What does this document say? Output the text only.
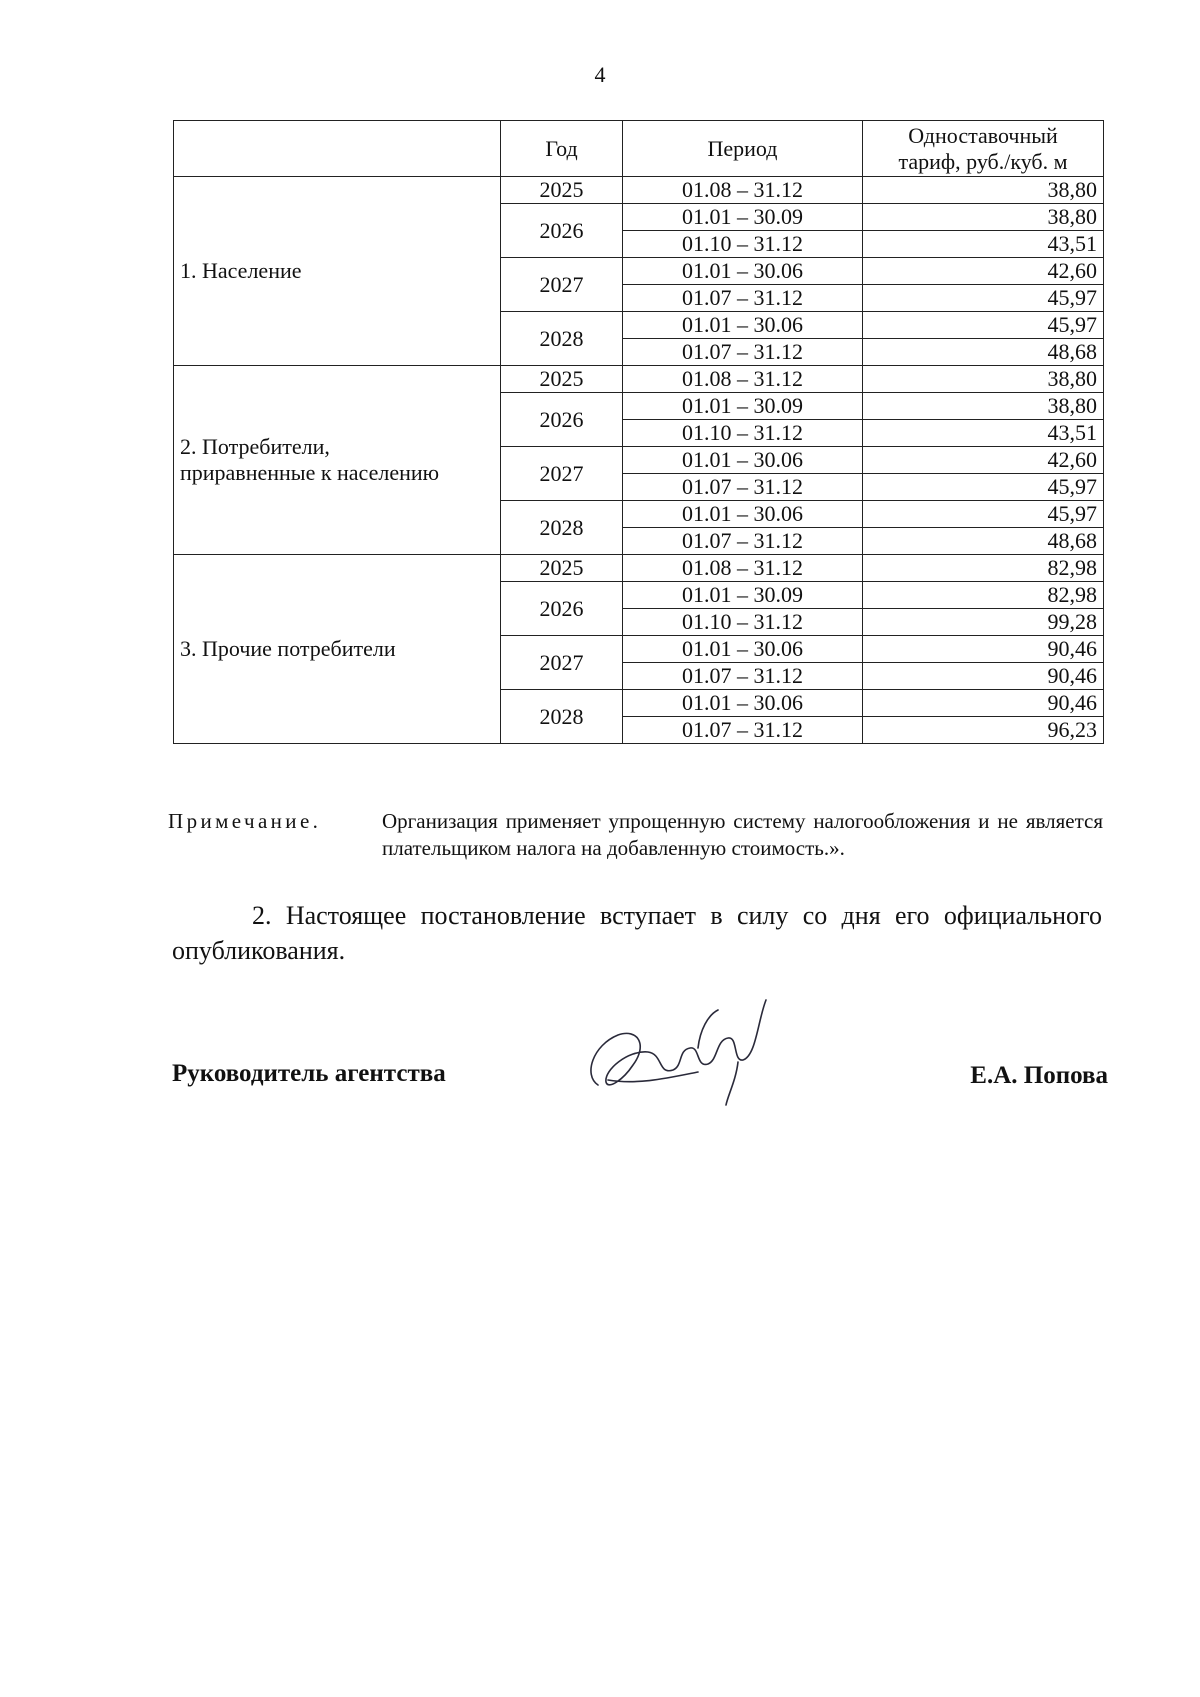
4
	Год	Период	Одноставочный
тариф, руб./куб. м

1. Население	2025	01.08 – 31.12	38,80
	2026	01.01 – 30.09	38,80
		01.10 – 31.12	43,51
	2027	01.01 – 30.06	42,60
		01.07 – 31.12	45,97
	2028	01.01 – 30.06	45,97
		01.07 – 31.12	48,68

2. Потребители,
приравненные к населению	2025	01.08 – 31.12	38,80
	2026	01.01 – 30.09	38,80
		01.10 – 31.12	43,51
	2027	01.01 – 30.06	42,60
		01.07 – 31.12	45,97
	2028	01.01 – 30.06	45,97
		01.07 – 31.12	48,68

3. Прочие потребители	2025	01.08 – 31.12	82,98
	2026	01.01 – 30.09	82,98
		01.10 – 31.12	99,28
	2027	01.01 – 30.06	90,46
		01.07 – 31.12	90,46
	2028	01.01 – 30.06	90,46
		01.07 – 31.12	96,23
Примечание.	Организация применяет упрощенную систему налогообложения и не является плательщиком налога на добавленную стоимость.».
2. Настоящее постановление вступает в силу со дня его официального опубликования.
Руководитель агентства	Е.А. Попова
